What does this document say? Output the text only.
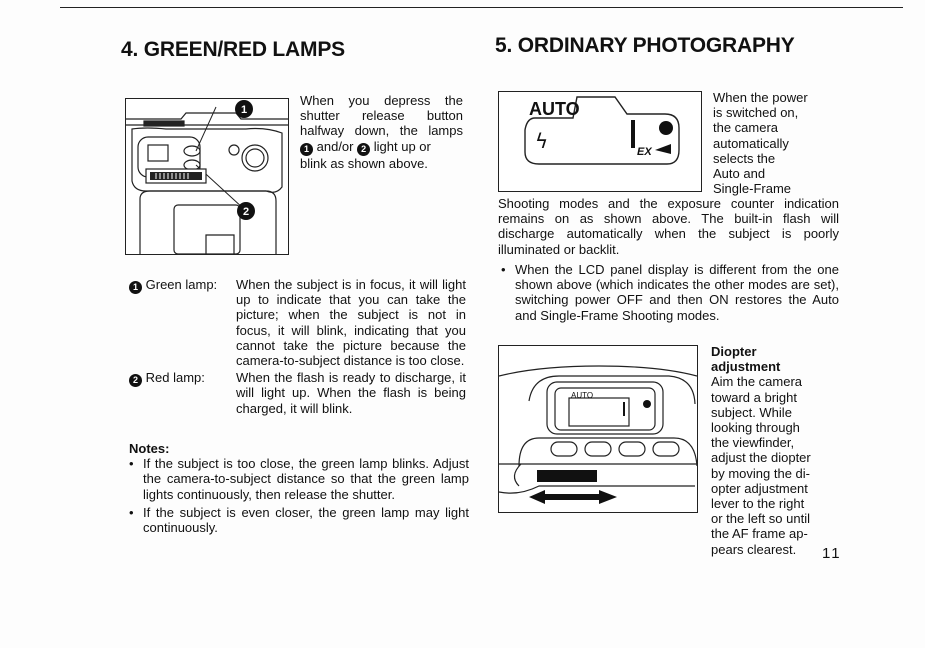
4. GREEN/RED LAMPS
1
2
When you depress the
shutter release button
halfway down, the lamps
1 and/or 2 light up or
blink as shown above.
1 Green lamp:	When the subject is in focus, it will light up to indicate that you can take the picture; when the subject is not in focus, it will blink, indicating that you cannot take the picture because the camera-to-subject distance is too close.
2 Red lamp:	When the flash is ready to discharge, it will light up. When the flash is being charged, it will blink.
Notes:
• If the subject is too close, the green lamp blinks. Adjust the camera-to-subject distance so that the green lamp lights continuously, then release the shutter.
• If the subject is even closer, the green lamp may light continuously.
5. ORDINARY PHOTOGRAPHY
AUTO
ϟ	EX
When the power
is switched on,
the camera
automatically
selects the
Auto and
Single-Frame
Shooting modes and the exposure counter indication remains on as shown above. The built-in flash will discharge automatically when the subject is poorly illuminated or backlit.
• When the LCD panel display is different from the one shown above (which indicates the other modes are set), switching power OFF and then ON restores the Auto and Single-Frame Shooting modes.
AUTO
Diopter
adjustment
Aim the camera
toward a bright
subject. While
looking through
the viewfinder,
adjust the diopter
by moving the di-
opter adjustment
lever to the right
or the left so until
the AF frame ap-
pears clearest.	11
